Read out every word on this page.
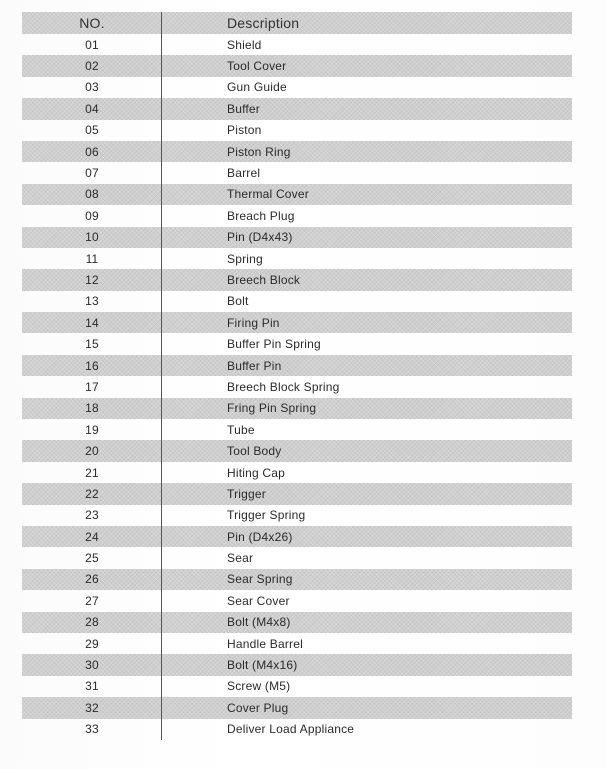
NO.	Description
01	Shield
02	Tool Cover
03	Gun Guide
04	Buffer
05	Piston
06	Piston Ring
07	Barrel
08	Thermal Cover
09	Breach Plug
10	Pin (D4x43)
11	Spring
12	Breech Block
13	Bolt
14	Firing Pin
15	Buffer Pin Spring
16	Buffer Pin
17	Breech Block Spring
18	Fring Pin Spring
19	Tube
20	Tool Body
21	Hiting Cap
22	Trigger
23	Trigger Spring
24	Pin (D4x26)
25	Sear
26	Sear Spring
27	Sear Cover
28	Bolt (M4x8)
29	Handle Barrel
30	Bolt (M4x16)
31	Screw (M5)
32	Cover Plug
33	Deliver Load Appliance
